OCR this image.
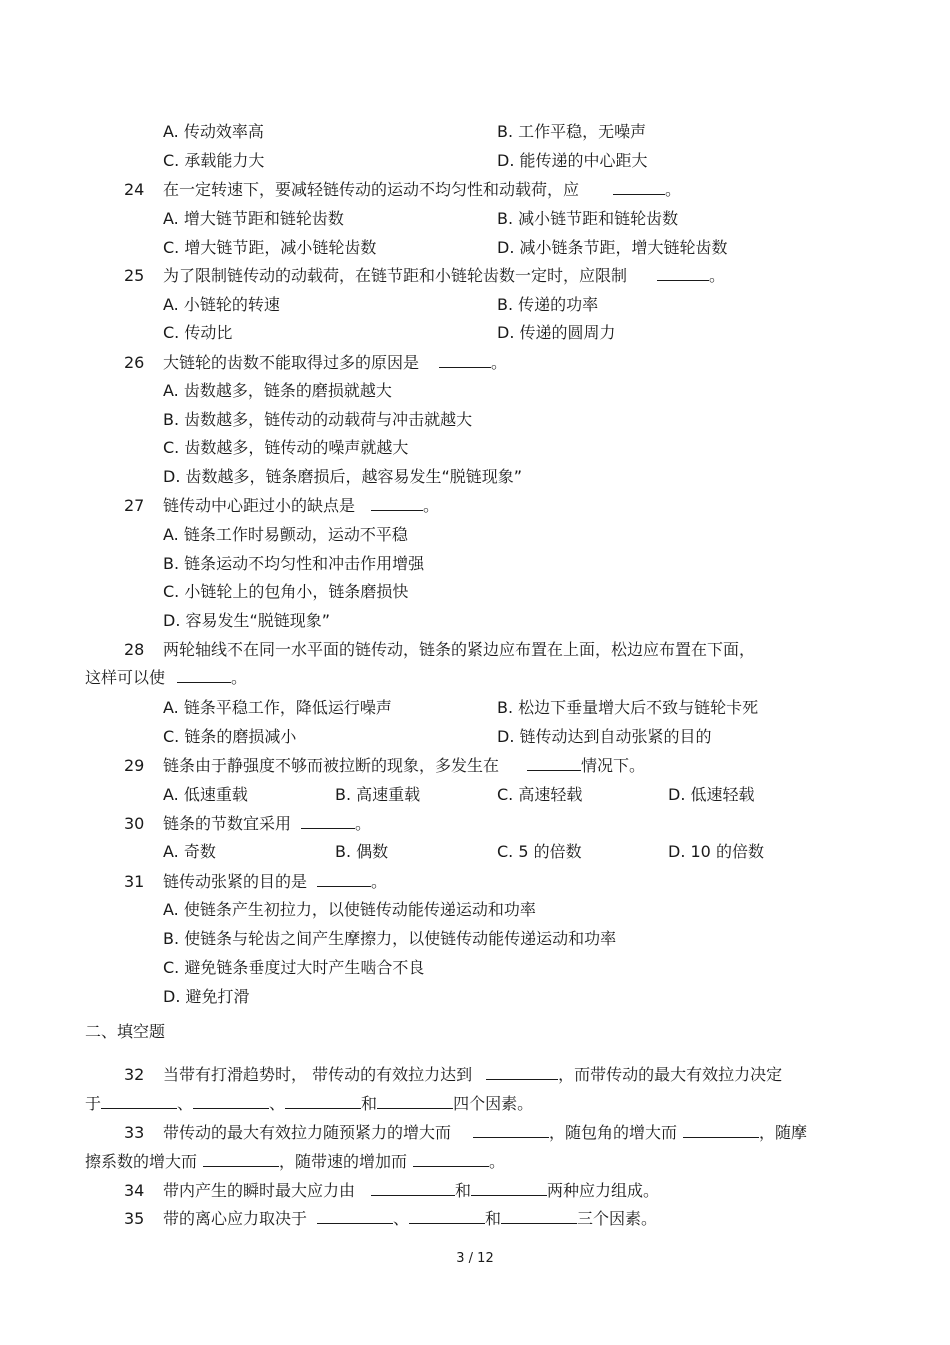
A. 传动效率高	B. 工作平稳，无噪声
C. 承载能力大	D. 能传递的中心距大
24 在一定转速下，要减轻链传动的运动不均匀性和动载荷，应	。
A. 增大链节距和链轮齿数	B. 减小链节距和链轮齿数
C. 增大链节距，减小链轮齿数	D. 减小链条节距，增大链轮齿数
25 为了限制链传动的动载荷，在链节距和小链轮齿数一定时，应限制	。
A. 小链轮的转速	B. 传递的功率
C. 传动比	D. 传递的圆周力
26 大链轮的齿数不能取得过多的原因是	。
A. 齿数越多，链条的磨损就越大
B. 齿数越多，链传动的动载荷与冲击就越大
C. 齿数越多，链传动的噪声就越大
D. 齿数越多，链条磨损后，越容易发生“脱链现象”
27 链传动中心距过小的缺点是	。
A. 链条工作时易颤动，运动不平稳
B. 链条运动不均匀性和冲击作用增强
C. 小链轮上的包角小，链条磨损快
D. 容易发生“脱链现象”
28 两轮轴线不在同一水平面的链传动，链条的紧边应布置在上面，松边应布置在下面，
这样可以使	。
A. 链条平稳工作，降低运行噪声	B. 松边下垂量增大后不致与链轮卡死
C. 链条的磨损减小	D. 链传动达到自动张紧的目的
29 链条由于静强度不够而被拉断的现象，多发生在	情况下。
A. 低速重载	B. 高速重载	C. 高速轻载	D. 低速轻载
30 链条的节数宜采用	。
A. 奇数	B. 偶数	C. 5 的倍数	D. 10 的倍数
31 链传动张紧的目的是	。
A. 使链条产生初拉力，以使链传动能传递运动和功率
B. 使链条与轮齿之间产生摩擦力，以使链传动能传递运动和功率
C. 避免链条垂度过大时产生啮合不良
D. 避免打滑
二、填空题
32 当带有打滑趋势时， 带传动的有效拉力达到	，而带传动的最大有效拉力决定
于	、	、	和	四个因素。
33 带传动的最大有效拉力随预紧力的增大而	，随包角的增大而	，随摩
擦系数的增大而	，随带速的增加而	。
34 带内产生的瞬时最大应力由	和	两种应力组成。
35 带的离心应力取决于	、	和	三个因素。
3 / 12
